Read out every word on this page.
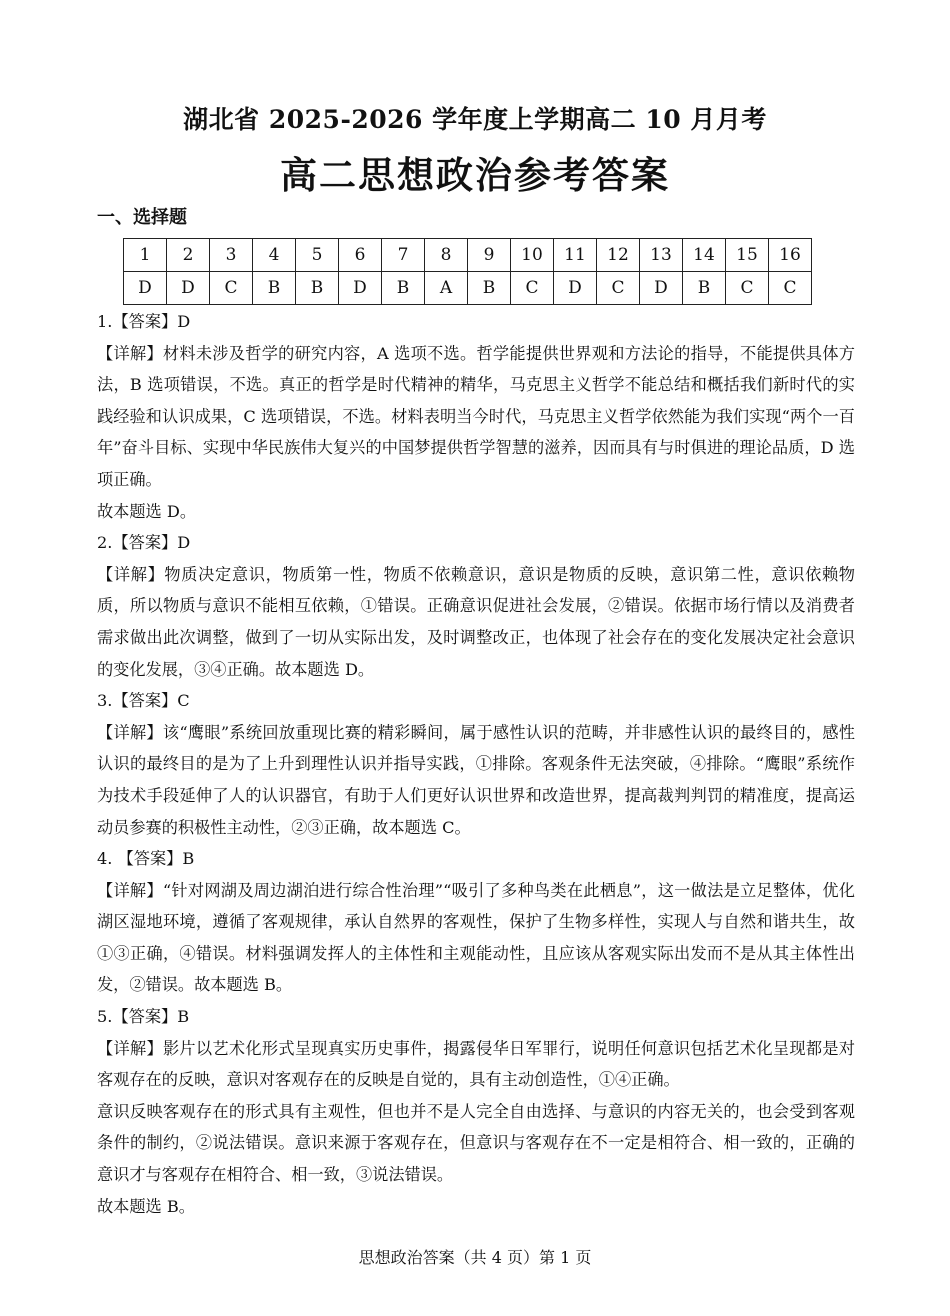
湖北省 2025-2026 学年度上学期高二 10 月月考
高二思想政治参考答案
一、选择题
1	2	3	4	5	6	7	8	9	10	11	12	13	14	15	16
D	D	C	B	B	D	B	A	B	C	D	C	D	B	C	C

1.【答案】D

【详解】材料未涉及哲学的研究内容，A 选项不选。哲学能提供世界观和方法论的指导，不能提供具体方法，B 选项错误，不选。真正的哲学是时代精神的精华，马克思主义哲学不能总结和概括我们新时代的实践经验和认识成果，C 选项错误，不选。材料表明当今时代，马克思主义哲学依然能为我们实现“两个一百年”奋斗目标、实现中华民族伟大复兴的中国梦提供哲学智慧的滋养，因而具有与时俱进的理论品质，D 选项正确。

故本题选 D。

2.【答案】D

【详解】物质决定意识，物质第一性，物质不依赖意识，意识是物质的反映，意识第二性，意识依赖物质，所以物质与意识不能相互依赖，①错误。正确意识促进社会发展，②错误。依据市场行情以及消费者需求做出此次调整，做到了一切从实际出发，及时调整改正，也体现了社会存在的变化发展决定社会意识的变化发展，③④正确。故本题选 D。

3.【答案】C

【详解】该“鹰眼”系统回放重现比赛的精彩瞬间，属于感性认识的范畴，并非感性认识的最终目的，感性认识的最终目的是为了上升到理性认识并指导实践，①排除。客观条件无法突破，④排除。“鹰眼”系统作为技术手段延伸了人的认识器官，有助于人们更好认识世界和改造世界，提高裁判判罚的精准度，提高运动员参赛的积极性主动性，②③正确，故本题选 C。

4. 【答案】B

【详解】“针对网湖及周边湖泊进行综合性治理”“吸引了多种鸟类在此栖息”，这一做法是立足整体，优化湖区湿地环境，遵循了客观规律，承认自然界的客观性，保护了生物多样性，实现人与自然和谐共生，故①③正确，④错误。材料强调发挥人的主体性和主观能动性，且应该从客观实际出发而不是从其主体性出发，②错误。故本题选 B。

5.【答案】B

【详解】影片以艺术化形式呈现真实历史事件，揭露侵华日军罪行，说明任何意识包括艺术化呈现都是对客观存在的反映，意识对客观存在的反映是自觉的，具有主动创造性，①④正确。

意识反映客观存在的形式具有主观性，但也并不是人完全自由选择、与意识的内容无关的，也会受到客观条件的制约，②说法错误。意识来源于客观存在，但意识与客观存在不一定是相符合、相一致的，正确的意识才与客观存在相符合、相一致，③说法错误。

故本题选 B。

思想政治答案（共 4 页）第 1 页
